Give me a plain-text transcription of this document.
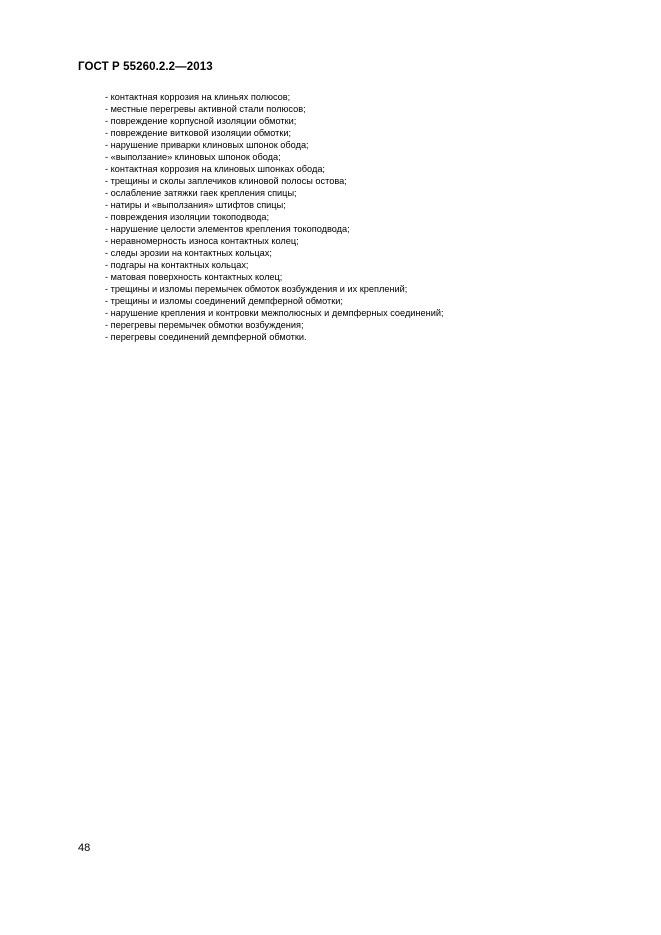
ГОСТ Р 55260.2.2—2013
- контактная коррозия на клиньях полюсов;
- местные перегревы активной стали полюсов;
- повреждение корпусной изоляции обмотки;
- повреждение витковой изоляции обмотки;
- нарушение приварки клиновых шпонок обода;
- «выползание» клиновых шпонок обода;
- контактная коррозия на клиновых шпонках обода;
- трещины и сколы заплечиков клиновой полосы остова;
- ослабление затяжки гаек крепления спицы;
- натиры и «выползания» штифтов спицы;
- повреждения изоляции токоподвода;
- нарушение целости элементов крепления токоподвода;
- неравномерность износа контактных колец;
- следы эрозии на контактных кольцах;
- подгары на контактных кольцах;
- матовая поверхность контактных колец;
- трещины и изломы перемычек обмоток возбуждения и их креплений;
- трещины и изломы соединений демпферной обмотки;
- нарушение крепления и контровки межполюсных и демпферных соединений;
- перегревы перемычек обмотки возбуждения;
- перегревы соединений демпферной обмотки.
48
